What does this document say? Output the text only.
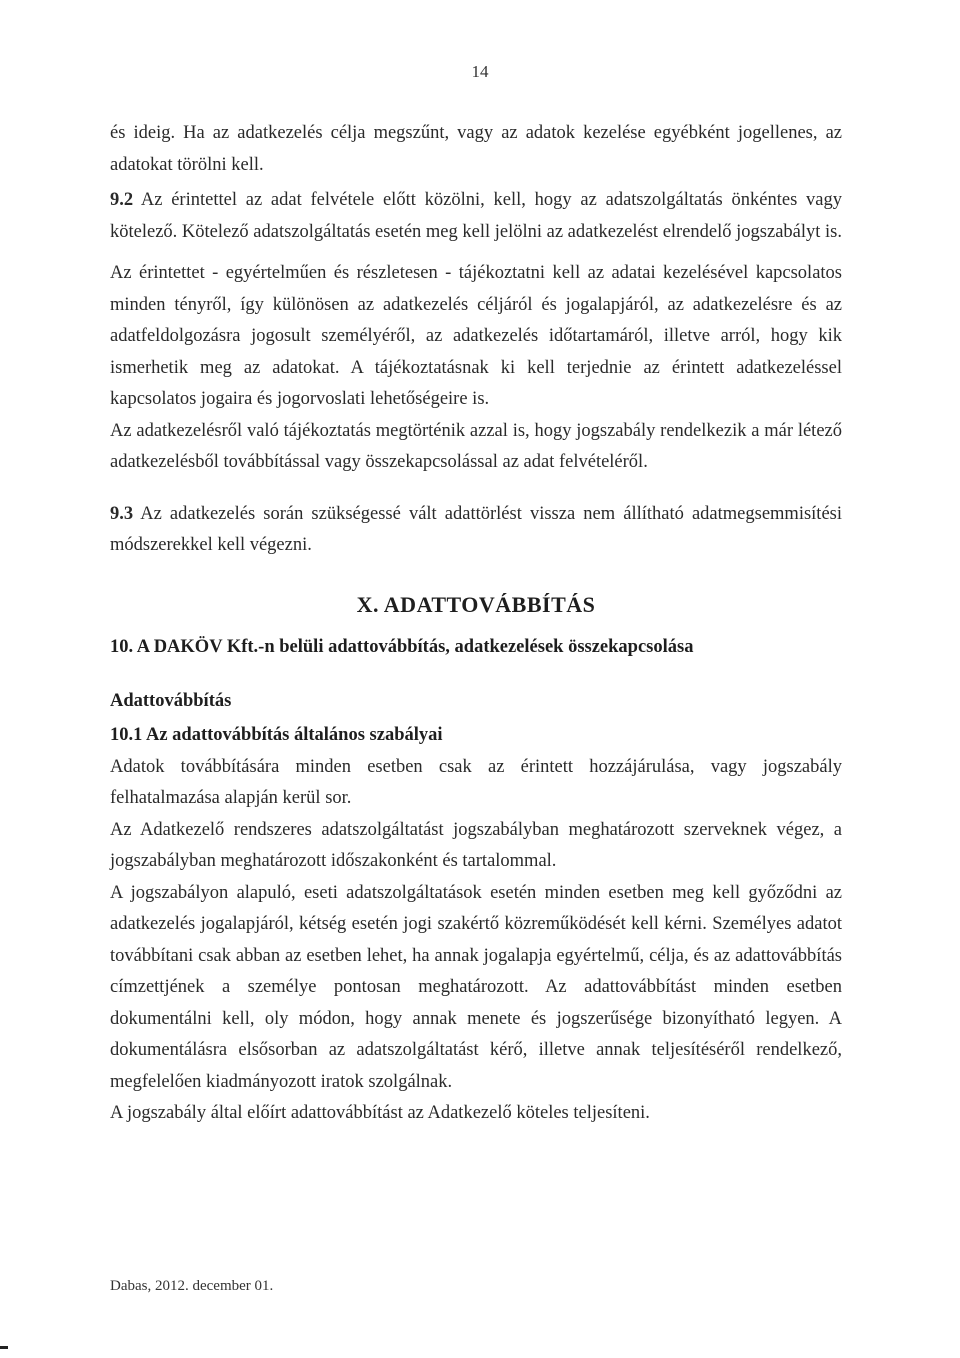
14

és ideig. Ha az adatkezelés célja megszűnt, vagy az adatok kezelése egyébként jogellenes, az adatokat törölni kell.

9.2 Az érintettel az adat felvétele előtt közölni, kell, hogy az adatszolgáltatás önkéntes vagy kötelező. Kötelező adatszolgáltatás esetén meg kell jelölni az adatkezelést elrendelő jogszabályt is.

Az érintettet - egyértelműen és részletesen - tájékoztatni kell az adatai kezelésével kapcsolatos minden tényről, így különösen az adatkezelés céljáról és jogalapjáról, az adatkezelésre és az adatfeldolgozásra jogosult személyéről, az adatkezelés időtartamáról, illetve arról, hogy kik ismerhetik meg az adatokat. A tájékoztatásnak ki kell terjednie az érintett adatkezeléssel kapcsolatos jogaira és jogorvoslati lehetőségeire is.

Az adatkezelésről való tájékoztatás megtörténik azzal is, hogy jogszabály rendelkezik a már létező adatkezelésből továbbítással vagy összekapcsolással az adat felvételéről.

9.3 Az adatkezelés során szükségessé vált adattörlést vissza nem állítható adatmegsemmisítési módszerekkel kell végezni.

X. ADATTOVÁBBÍTÁS
10. A DAKÖV Kft.-n belüli adattovábbítás, adatkezelések összekapcsolása
Adattovábbítás
10.1 Az adattovábbítás általános szabályai

Adatok továbbítására minden esetben csak az érintett hozzájárulása, vagy jogszabály felhatalmazása alapján kerül sor.

Az Adatkezelő rendszeres adatszolgáltatást jogszabályban meghatározott szerveknek végez, a jogszabályban meghatározott időszakonként és tartalommal.

A jogszabályon alapuló, eseti adatszolgáltatások esetén minden esetben meg kell győződni az adatkezelés jogalapjáról, kétség esetén jogi szakértő közreműködését kell kérni. Személyes adatot továbbítani csak abban az esetben lehet, ha annak jogalapja egyértelmű, célja, és az adattovábbítás címzettjének a személye pontosan meghatározott. Az adattovábbítást minden esetben dokumentálni kell, oly módon, hogy annak menete és jogszerűsége bizonyítható legyen. A dokumentálásra elsősorban az adatszolgáltatást kérő, illetve annak teljesítéséről rendelkező, megfelelően kiadmányozott iratok szolgálnak.

A jogszabály által előírt adattovábbítást az Adatkezelő köteles teljesíteni.

Dabas, 2012. december 01.
